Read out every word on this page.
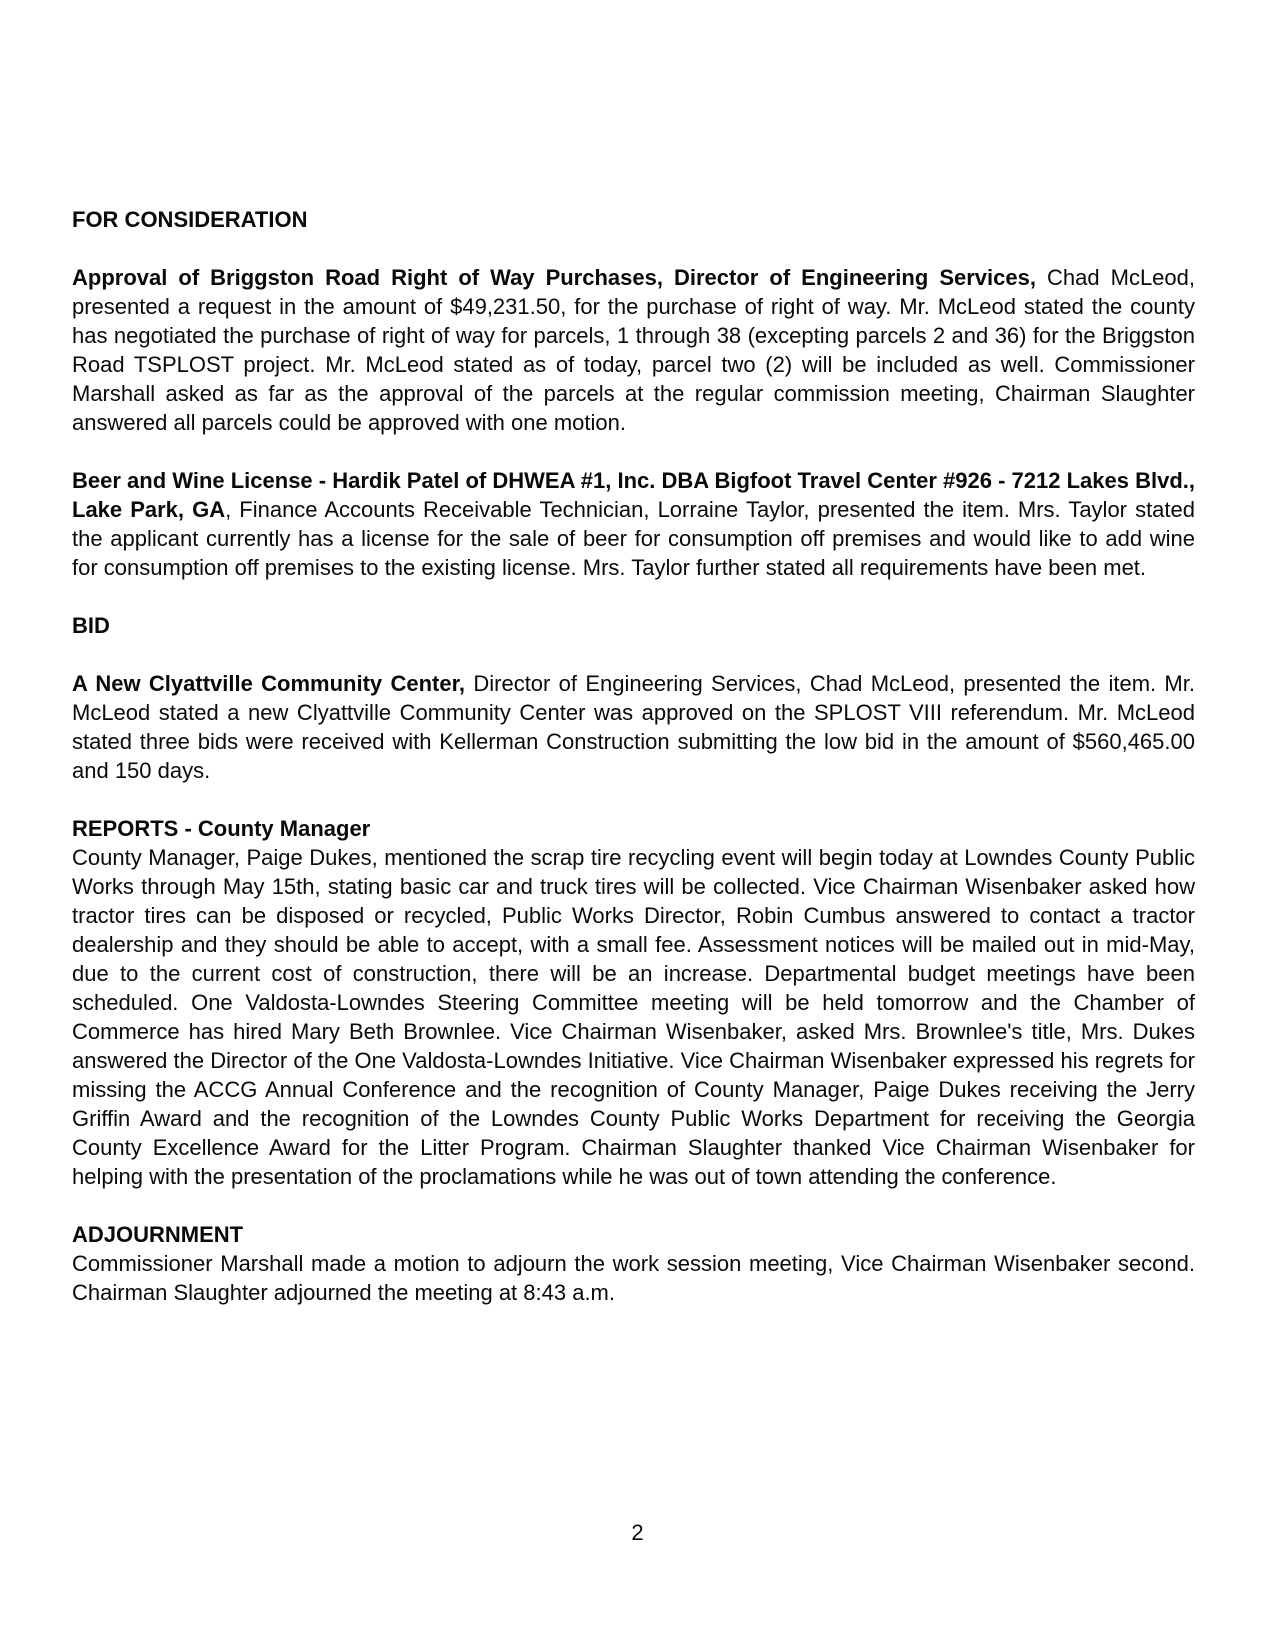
FOR CONSIDERATION

Approval of Briggston Road Right of Way Purchases, Director of Engineering Services, Chad McLeod, presented a request in the amount of $49,231.50, for the purchase of right of way. Mr. McLeod stated the county has negotiated the purchase of right of way for parcels, 1 through 38 (excepting parcels 2 and 36) for the Briggston Road TSPLOST project. Mr. McLeod stated as of today, parcel two (2) will be included as well. Commissioner Marshall asked as far as the approval of the parcels at the regular commission meeting, Chairman Slaughter answered all parcels could be approved with one motion.

Beer and Wine License - Hardik Patel of DHWEA #1, Inc. DBA Bigfoot Travel Center #926 - 7212 Lakes Blvd., Lake Park, GA, Finance Accounts Receivable Technician, Lorraine Taylor, presented the item. Mrs. Taylor stated the applicant currently has a license for the sale of beer for consumption off premises and would like to add wine for consumption off premises to the existing license. Mrs. Taylor further stated all requirements have been met.

BID

A New Clyattville Community Center, Director of Engineering Services, Chad McLeod, presented the item. Mr. McLeod stated a new Clyattville Community Center was approved on the SPLOST VIII referendum. Mr. McLeod stated three bids were received with Kellerman Construction submitting the low bid in the amount of $560,465.00 and 150 days.

REPORTS - County Manager

County Manager, Paige Dukes, mentioned the scrap tire recycling event will begin today at Lowndes County Public Works through May 15th, stating basic car and truck tires will be collected. Vice Chairman Wisenbaker asked how tractor tires can be disposed or recycled, Public Works Director, Robin Cumbus answered to contact a tractor dealership and they should be able to accept, with a small fee. Assessment notices will be mailed out in mid-May, due to the current cost of construction, there will be an increase. Departmental budget meetings have been scheduled. One Valdosta-Lowndes Steering Committee meeting will be held tomorrow and the Chamber of Commerce has hired Mary Beth Brownlee. Vice Chairman Wisenbaker, asked Mrs. Brownlee's title, Mrs. Dukes answered the Director of the One Valdosta-Lowndes Initiative. Vice Chairman Wisenbaker expressed his regrets for missing the ACCG Annual Conference and the recognition of County Manager, Paige Dukes receiving the Jerry Griffin Award and the recognition of the Lowndes County Public Works Department for receiving the Georgia County Excellence Award for the Litter Program. Chairman Slaughter thanked Vice Chairman Wisenbaker for helping with the presentation of the proclamations while he was out of town attending the conference.

ADJOURNMENT

Commissioner Marshall made a motion to adjourn the work session meeting, Vice Chairman Wisenbaker second. Chairman Slaughter adjourned the meeting at 8:43 a.m.

2
